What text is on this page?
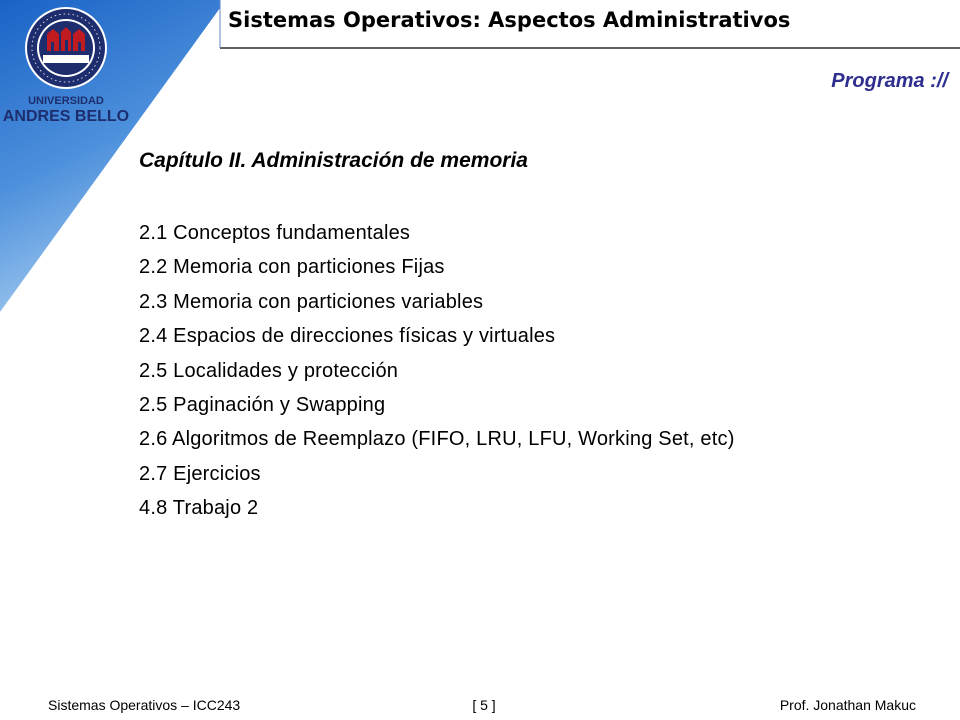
UNIVERSIDAD
ANDRES BELLO
Sistemas Operativos: Aspectos Administrativos
Programa ://
Capítulo II. Administración de memoria
2.1 Conceptos fundamentales
2.2 Memoria con particiones Fijas
2.3 Memoria con particiones variables
2.4 Espacios de direcciones físicas y virtuales
2.5 Localidades y protección
2.5 Paginación y Swapping
2.6 Algoritmos de Reemplazo (FIFO, LRU, LFU, Working Set, etc)
2.7 Ejercicios
4.8 Trabajo 2
Sistemas Operativos – ICC243	[ 5 ]	Prof. Jonathan Makuc
